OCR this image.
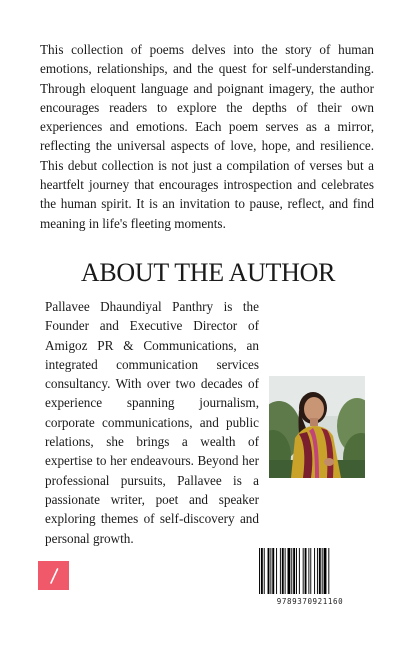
This collection of poems delves into the story of human emotions, relationships, and the quest for self-understanding. Through eloquent language and poignant imagery, the author encourages readers to explore the depths of their own experiences and emotions. Each poem serves as a mirror, reflecting the universal aspects of love, hope, and resilience. This debut collection is not just a compilation of verses but a heartfelt journey that encourages introspection and celebrates the human spirit. It is an invitation to pause, reflect, and find meaning in life's fleeting moments.

ABOUT THE AUTHOR

Pallavee Dhaundiyal Panthry is the Founder and Executive Director of Amigoz PR & Communications, an integrated communication services consultancy. With over two decades of experience spanning journalism, corporate communications, and public relations, she brings a wealth of expertise to her endeavours. Beyond her professional pursuits, Pallavee is a passionate writer, poet and speaker exploring themes of self-discovery and personal growth.

9789370921160
